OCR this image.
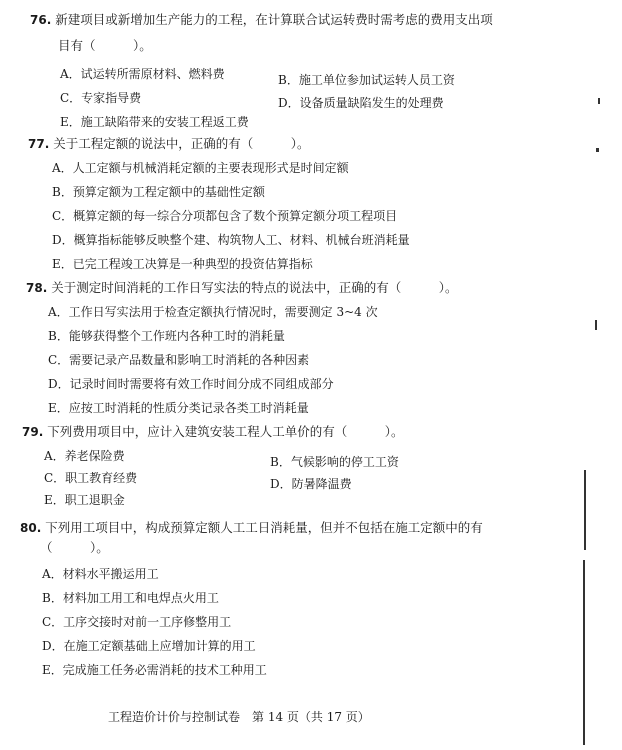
76. 新建项目或新增加生产能力的工程，在计算联合试运转费时需考虑的费用支出项
目有（　　　）。
A．试运转所需原材料、燃料费	B．施工单位参加试运转人员工资
C．专家指导费	D．设备质量缺陷发生的处理费
E．施工缺陷带来的安装工程返工费
77. 关于工程定额的说法中，正确的有（　　　）。
A．人工定额与机械消耗定额的主要表现形式是时间定额
B．预算定额为工程定额中的基础性定额
C．概算定额的每一综合分项都包含了数个预算定额分项工程项目
D．概算指标能够反映整个建、构筑物人工、材料、机械台班消耗量
E．已完工程竣工决算是一种典型的投资估算指标
78. 关于测定时间消耗的工作日写实法的特点的说法中，正确的有（　　　）。
A．工作日写实法用于检查定额执行情况时，需要测定 3~4 次
B．能够获得整个工作班内各种工时的消耗量
C．需要记录产品数量和影响工时消耗的各种因素
D．记录时间时需要将有效工作时间分成不同组成部分
E．应按工时消耗的性质分类记录各类工时消耗量
79. 下列费用项目中，应计入建筑安装工程人工单价的有（　　　）。
A．养老保险费	B．气候影响的停工工资
C．职工教育经费	D．防暑降温费
E．职工退职金
80. 下列用工项目中，构成预算定额人工工日消耗量，但并不包括在施工定额中的有
（　　　）。
A．材料水平搬运用工
B．材料加工用工和电焊点火用工
C．工序交接时对前一工序修整用工
D．在施工定额基础上应增加计算的用工
E．完成施工任务必需消耗的技术工种用工
工程造价计价与控制试卷　第 14 页（共 17 页）
